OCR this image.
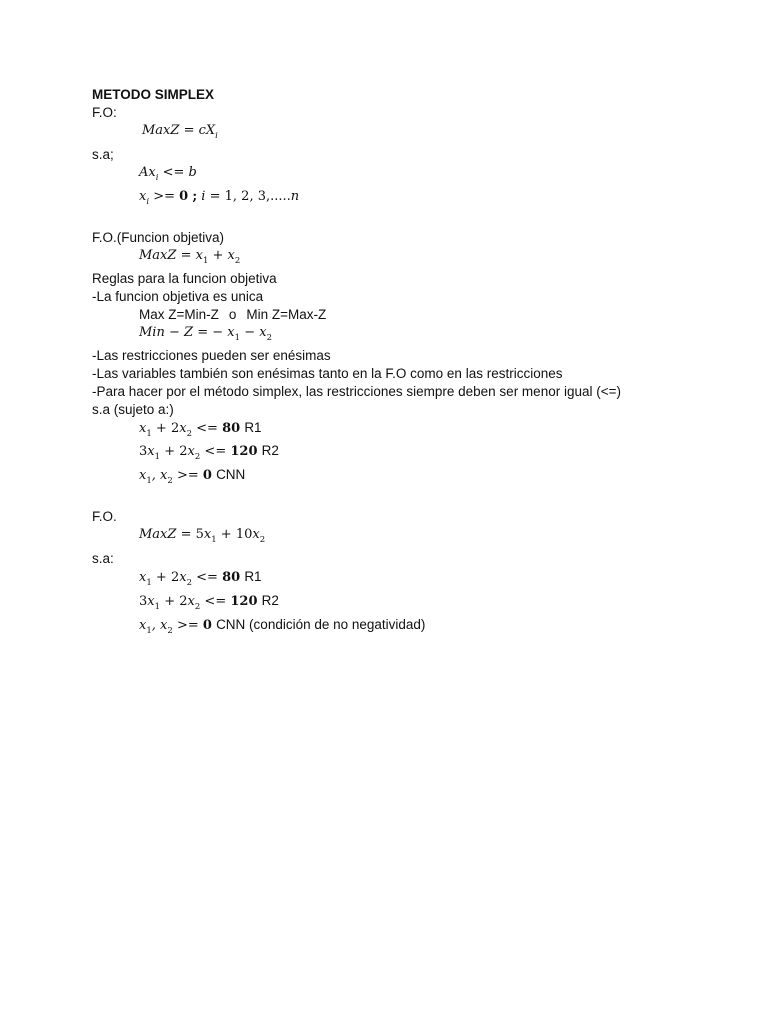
METODO SIMPLEX
F.O:
MaxZ = $cX_i$
s.a;
$Ax_i <= b$
$x_i >= 0$ ; i = 1, 2, 3,.....n
F.O.(Funcion objetiva)
MaxZ = $x_1 + x_2$
Reglas para la funcion objetiva
-La funcion objetiva es unica
Max Z=Min-Z o Min Z=Max-Z
Min − Z = − $x_1 - x_2$
-Las restricciones pueden ser enésimas
-Las variables también son enésimas tanto en la F.O como en las restricciones
-Para hacer por el método simplex, las restricciones siempre deben ser menor igual (<=)
s.a (sujeto a:)
$x_1 + 2x_2 <= 80$ R1
$3x_1 + 2x_2 <= 120$ R2
$x_1$, $x_2 >= 0$ CNN
F.O.
MaxZ = $5x_1 + 10x_2$
s.a:
$x_1 + 2x_2 <= 80$ R1
$3x_1 + 2x_2 <= 120$ R2
$x_1$, $x_2 >= 0$ CNN (condición de no negatividad)
